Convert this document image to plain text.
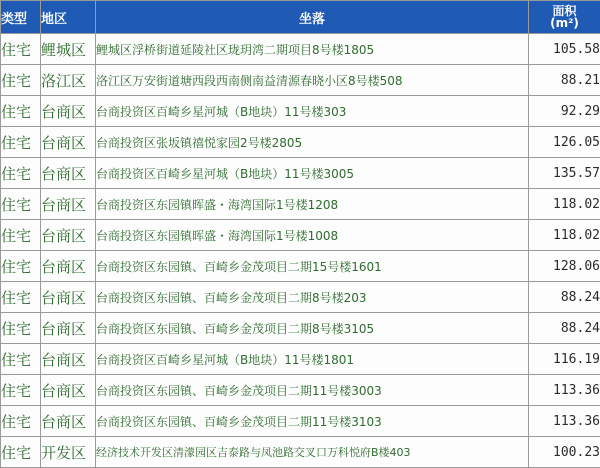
类型	地区	坐落	面积
(m²)

住宅	鲤城区	鲤城区浮桥街道延陵社区珑玥湾二期项目8号楼1805	105.58
住宅	洛江区	洛江区万安街道塘西段西南侧南益清源春晓小区8号楼508	88.21
住宅	台商区	台商投资区百崎乡星河城（B地块）11号楼303	92.29
住宅	台商区	台商投资区张坂镇禧悦家园2号楼2805	126.05
住宅	台商区	台商投资区百崎乡星河城（B地块）11号楼3005	135.57
住宅	台商区	台商投资区东园镇晖盛・海湾国际1号楼1208	118.02
住宅	台商区	台商投资区东园镇晖盛・海湾国际1号楼1008	118.02
住宅	台商区	台商投资区东园镇、百崎乡金茂项目二期15号楼1601	128.06
住宅	台商区	台商投资区东园镇、百崎乡金茂项目二期8号楼203	88.24
住宅	台商区	台商投资区东园镇、百崎乡金茂项目二期8号楼3105	88.24
住宅	台商区	台商投资区百崎乡星河城（B地块）11号楼1801	116.19
住宅	台商区	台商投资区东园镇、百崎乡金茂项目二期11号楼3003	113.36
住宅	台商区	台商投资区东园镇、百崎乡金茂项目二期11号楼3103	113.36
住宅	开发区	经济技术开发区清濛园区吉泰路与凤池路交叉口万科悦府B楼403	100.23
